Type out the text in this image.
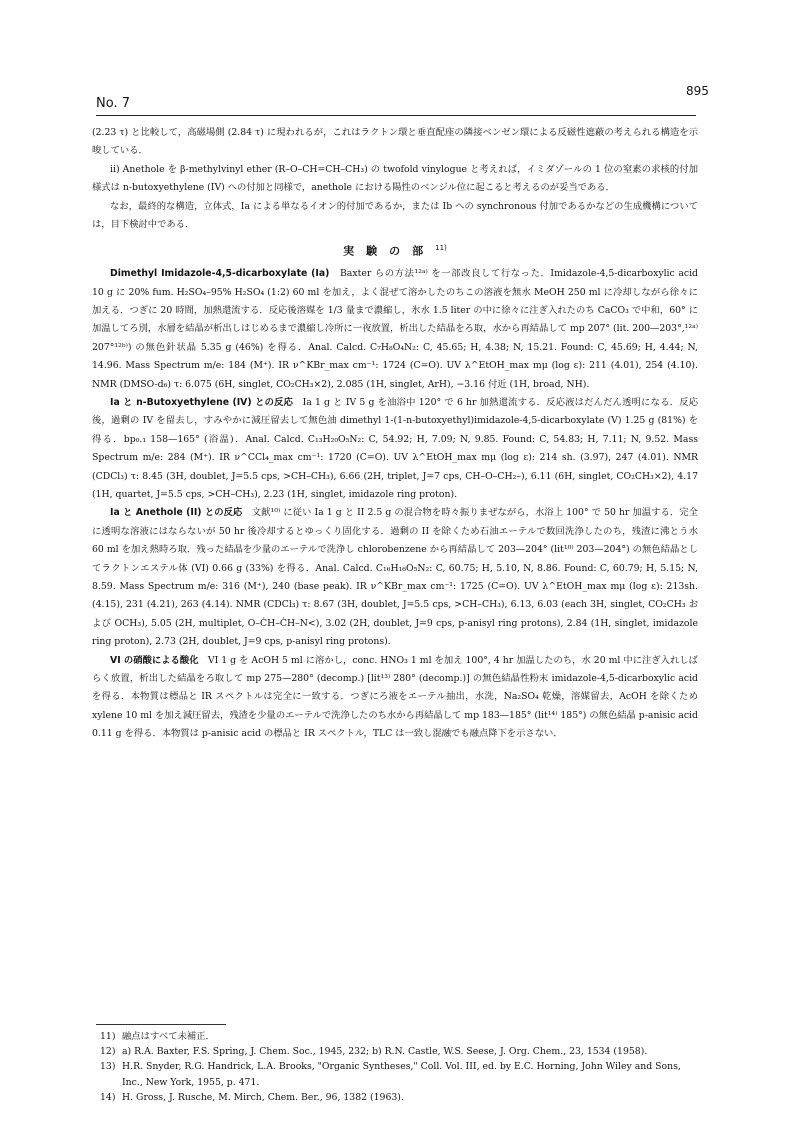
No. 7
895

(2.23 τ) と比較して，高磁場側 (2.84 τ) に現われるが，これはラクトン環と垂直配座の隣接ベンゼン環による反磁性遮蔽の考えられる構造を示唆している．

ii) Anethole を β-methylvinyl ether (R–O–CH=CH–CH₃) の twofold vinylogue と考えれば，イミダゾールの 1 位の窒素の求核的付加様式は n-butoxyethylene (IV) への付加と同様で，anethole における陽性のベンジル位に起こると考えるのが妥当である．

なお，最終的な構造，立体式，Ia による単なるイオン的付加であるか，または Ib への synchronous 付加であるかなどの生成機構については，目下検討中である．

実験の部$^{11)}$

Dimethyl Imidazole-4,5-dicarboxylate (Ia)　 Baxter らの方法¹²ᵃ⁾ を一部改良して行なった．Imidazole-4,5-dicarboxylic acid 10 g に 20% fum. H₂SO₄–95% H₂SO₄ (1:2) 60 ml を加え，よく混ぜて溶かしたのちこの溶液を無水 MeOH 250 ml に冷却しながら徐々に加える．つぎに 20 時間，加熱還流する．反応後溶媒を 1/3 量まで濃縮し，氷水 1.5 liter の中に徐々に注ぎ入れたのち CaCO₃ で中和，60° に加温してろ別，水層を結晶が析出しはじめるまで濃縮し冷所に一夜放置，析出した結晶をろ取，水から再結晶して mp 207° (lit. 200—203°,¹²ᵃ⁾ 207°¹²ᵇ⁾) の無色針状晶 5.35 g (46%) を得る．Anal. Calcd. C₇H₈O₄N₂: C, 45.65; H, 4.38; N, 15.21. Found: C, 45.69; H, 4.44; N, 14.96. Mass Spectrum m/e: 184 (M⁺). IR ν^KBr_max cm⁻¹: 1724 (C=O). UV λ^EtOH_max mμ (log ε): 211 (4.01), 254 (4.10). NMR (DMSO-d₆) τ: 6.075 (6H, singlet, CO₂CH₃×2), 2.085 (1H, singlet, ArH), −3.16 付近 (1H, broad, NH).

Ia と n-Butoxyethylene (IV) との反応　 Ia 1 g と IV 5 g を油浴中 120° で 6 hr 加熱還流する．反応液はだんだん透明になる．反応後，過剰の IV を留去し，すみやかに減圧留去して無色油 dimethyl 1-(1-n-butoxyethyl)imidazole-4,5-dicarboxylate (V) 1.25 g (81%) を得る．bp₀.₁ 158—165° (浴温)．Anal. Calcd. C₁₃H₂₀O₅N₂: C, 54.92; H, 7.09; N, 9.85. Found: C, 54.83; H, 7.11; N, 9.52. Mass Spectrum m/e: 284 (M⁺). IR ν^CCl₄_max cm⁻¹: 1720 (C=O). UV λ^EtOH_max mμ (log ε): 214 sh. (3.97), 247 (4.01). NMR (CDCl₃) τ: 8.45 (3H, doublet, J=5.5 cps, >CH–CH₃), 6.66 (2H, triplet, J=7 cps, CH–O–CH₂–), 6.11 (6H, singlet, CO₂CH₃×2), 4.17 (1H, quartet, J=5.5 cps, >CH–CH₃), 2.23 (1H, singlet, imidazole ring proton).

Ia と Anethole (II) との反応　 文献¹⁰⁾ に従い Ia 1 g と II 2.5 g の混合物を時々振りまぜながら，水浴上 100° で 50 hr 加温する．完全に透明な溶液にはならないが 50 hr 後冷却するとゆっくり固化する．過剰の II を除くため石油エーテルで数回洗浄したのち，残渣に沸とう水 60 ml を加え熱時ろ取．残った結晶を少量のエーテルで洗浄し chlorobenzene から再結晶して 203—204° (lit¹⁰⁾ 203—204°) の無色結晶としてラクトンエステル体 (VI) 0.66 g (33%) を得る．Anal. Calcd. C₁₆H₁₆O₅N₂: C, 60.75; H, 5.10, N, 8.86. Found: C, 60.79; H, 5.15; N, 8.59. Mass Spectrum m/e: 316 (M⁺), 240 (base peak). IR ν^KBr_max cm⁻¹: 1725 (C=O). UV λ^EtOH_max mμ (log ε): 213sh. (4.15), 231 (4.21), 263 (4.14). NMR (CDCl₃) τ: 8.67 (3H, doublet, J=5.5 cps, >CH–CH₃), 6.13, 6.03 (each 3H, singlet, CO₂CH₃ および OCH₃), 5.05 (2H, multiplet, O–ĊH–ĊH–N<), 3.02 (2H, doublet, J=9 cps, p-anisyl ring protons), 2.84 (1H, singlet, imidazole ring proton), 2.73 (2H, doublet, J=9 cps, p-anisyl ring protons).

VI の硝酸による酸化　 VI 1 g を AcOH 5 ml に溶かし，conc. HNO₃ 1 ml を加え 100°, 4 hr 加温したのち，水 20 ml 中に注ぎ入れしばらく放置，析出した結晶をろ取して mp 275—280° (decomp.) [lit¹³⁾ 280° (decomp.)] の無色結晶性粉末 imidazole-4,5-dicarboxylic acid を得る．本物質は標品と IR スペクトルは完全に一致する．つぎにろ液をエーテル抽出，水洗，Na₂SO₄ 乾燥，溶媒留去，AcOH を除くため xylene 10 ml を加え減圧留去，残渣を少量のエーテルで洗浄したのち水から再結晶して mp 183—185° (lit¹⁴⁾ 185°) の無色結晶 p-anisic acid 0.11 g を得る．本物質は p-anisic acid の標品と IR スペクトル，TLC は一致し混融でも融点降下を示さない．

11) 融点はすべて未補正．
12) a) R.A. Baxter, F.S. Spring, J. Chem. Soc., 1945, 232; b) R.N. Castle, W.S. Seese, J. Org. Chem., 23, 1534 (1958).
13) H.R. Snyder, R.G. Handrick, L.A. Brooks, "Organic Syntheses," Coll. Vol. III, ed. by E.C. Horning, John Wiley and Sons, Inc., New York, 1955, p. 471.
14) H. Gross, J. Rusche, M. Mirch, Chem. Ber., 96, 1382 (1963).
